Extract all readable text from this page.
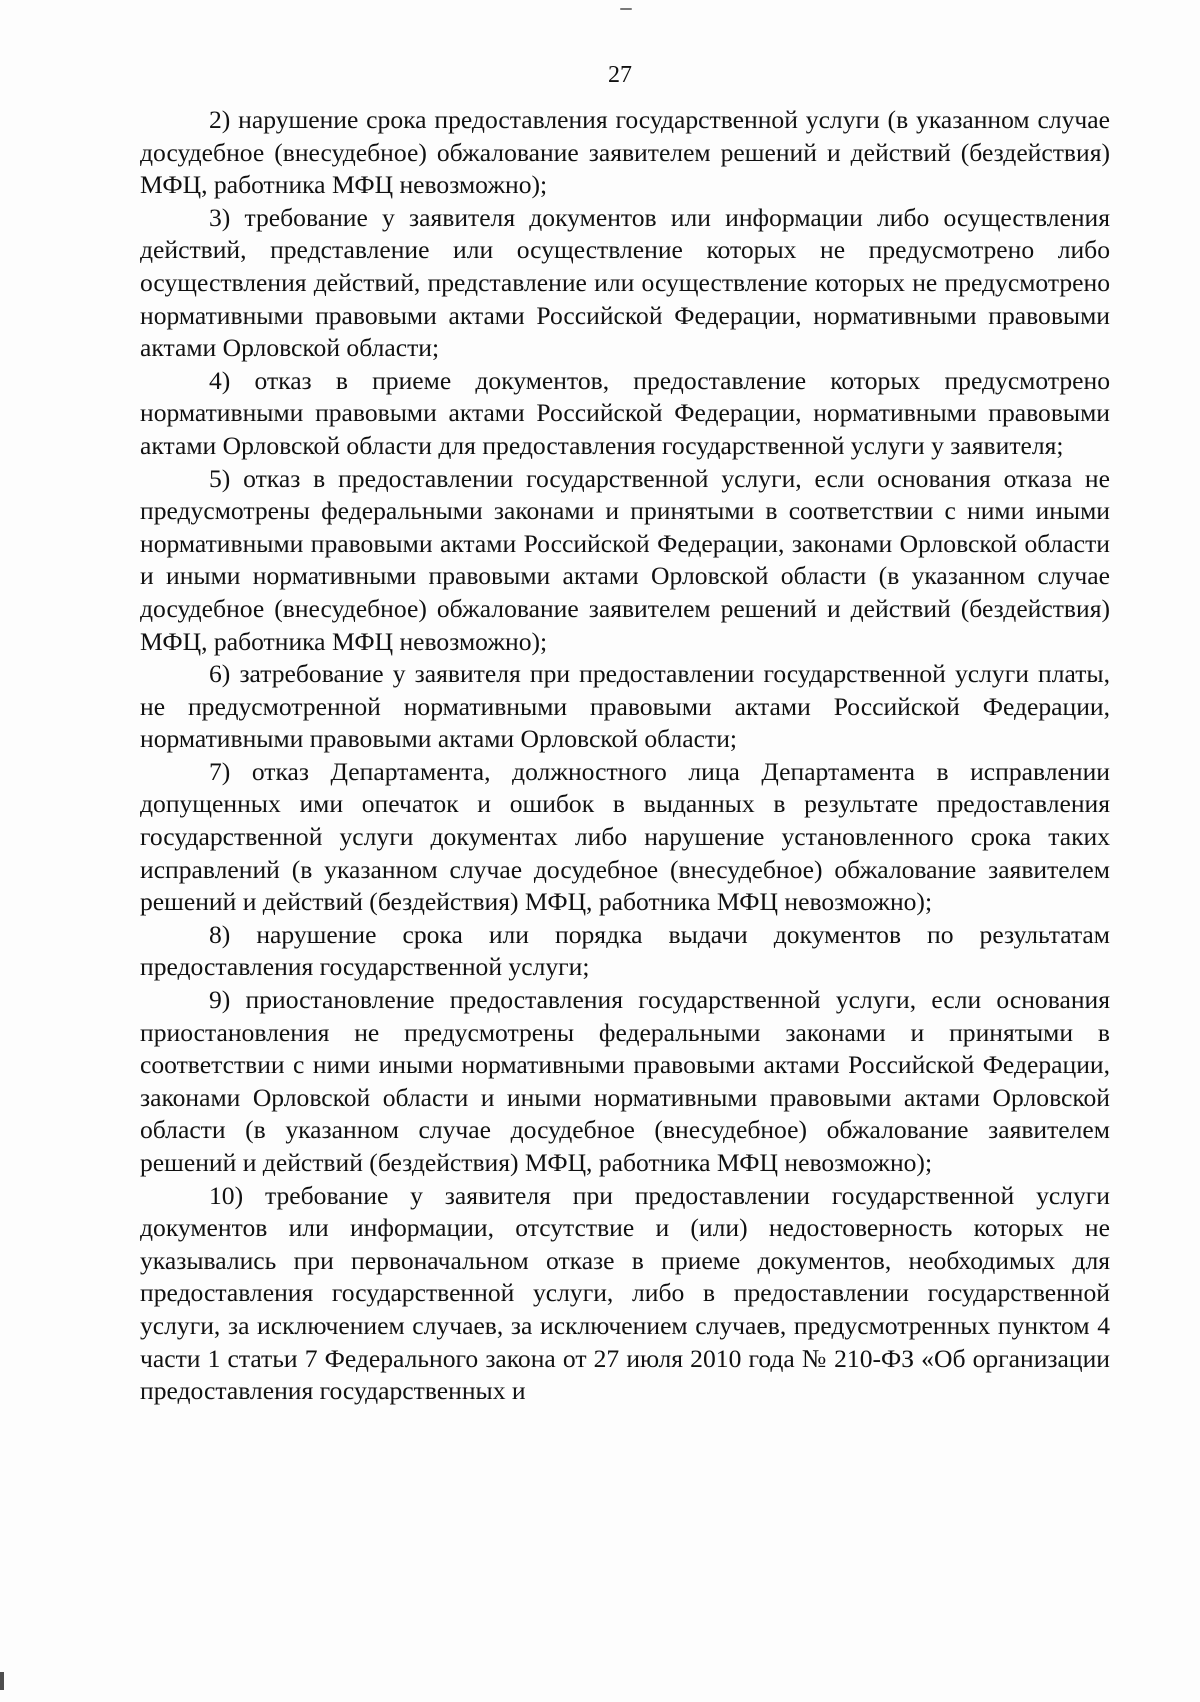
27

2) нарушение срока предоставления государственной услуги (в указанном случае досудебное (внесудебное) обжалование заявителем решений и действий (бездействия) МФЦ, работника МФЦ невозможно);

3) требование у заявителя документов или информации либо осуществления действий, представление или осуществление которых не предусмотрено либо осуществления действий, представление или осуществление которых не предусмотрено нормативными правовыми актами Российской Федерации, нормативными правовыми актами Орловской области;

4) отказ в приеме документов, предоставление которых предусмотрено нормативными правовыми актами Российской Федерации, нормативными правовыми актами Орловской области для предоставления государственной услуги у заявителя;

5) отказ в предоставлении государственной услуги, если основания отказа не предусмотрены федеральными законами и принятыми в соответствии с ними иными нормативными правовыми актами Российской Федерации, законами Орловской области и иными нормативными правовыми актами Орловской области (в указанном случае досудебное (внесудебное) обжалование заявителем решений и действий (бездействия) МФЦ, работника МФЦ невозможно);

6) затребование у заявителя при предоставлении государственной услуги платы, не предусмотренной нормативными правовыми актами Российской Федерации, нормативными правовыми актами Орловской области;

7) отказ Департамента, должностного лица Департамента в исправлении допущенных ими опечаток и ошибок в выданных в результате предоставления государственной услуги документах либо нарушение установленного срока таких исправлений (в указанном случае досудебное (внесудебное) обжалование заявителем решений и действий (бездействия) МФЦ, работника МФЦ невозможно);

8) нарушение срока или порядка выдачи документов по результатам предоставления государственной услуги;

9) приостановление предоставления государственной услуги, если основания приостановления не предусмотрены федеральными законами и принятыми в соответствии с ними иными нормативными правовыми актами Российской Федерации, законами Орловской области и иными нормативными правовыми актами Орловской области (в указанном случае досудебное (внесудебное) обжалование заявителем решений и действий (бездействия) МФЦ, работника МФЦ невозможно);

10) требование у заявителя при предоставлении государственной услуги документов или информации, отсутствие и (или) недостоверность которых не указывались при первоначальном отказе в приеме документов, необходимых для предоставления государственной услуги, либо в предоставлении государственной услуги, за исключением случаев, за исключением случаев, предусмотренных пунктом 4 части 1 статьи 7 Федерального закона от 27 июля 2010 года № 210-ФЗ «Об организации предоставления государственных и
